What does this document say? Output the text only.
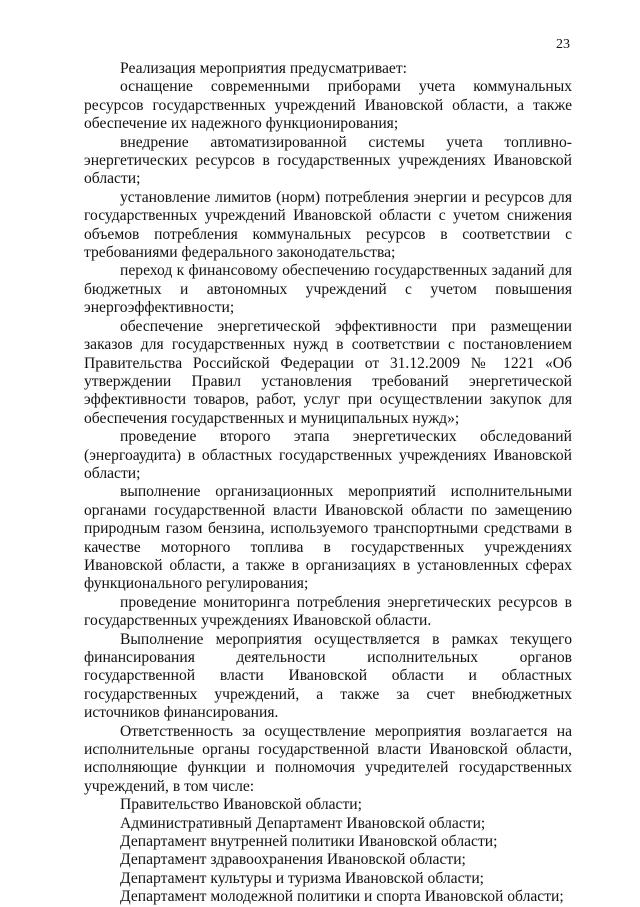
23

Реализация мероприятия предусматривает:

оснащение современными приборами учета коммунальных ресурсов государственных учреждений Ивановской области, а также обеспечение их надежного функционирования;

внедрение автоматизированной системы учета топливно-энергетических ресурсов в государственных учреждениях Ивановской области;

установление лимитов (норм) потребления энергии и ресурсов для государственных учреждений Ивановской области с учетом снижения объемов потребления коммунальных ресурсов в соответствии с требованиями федерального законодательства;

переход к финансовому обеспечению государственных заданий для бюджетных и автономных учреждений с учетом повышения энергоэффективности;

обеспечение энергетической эффективности при размещении заказов для государственных нужд в соответствии с постановлением Правительства Российской Федерации от 31.12.2009 № 1221 «Об утверждении Правил установления требований энергетической эффективности товаров, работ, услуг при осуществлении закупок для обеспечения государственных и муниципальных нужд»;

проведение второго этапа энергетических обследований (энергоаудита) в областных государственных учреждениях Ивановской области;

выполнение организационных мероприятий исполнительными органами государственной власти Ивановской области по замещению природным газом бензина, используемого транспортными средствами в качестве моторного топлива в государственных учреждениях Ивановской области, а также в организациях в установленных сферах функционального регулирования;

проведение мониторинга потребления энергетических ресурсов в государственных учреждениях Ивановской области.

Выполнение мероприятия осуществляется в рамках текущего финансирования деятельности исполнительных органов государственной власти Ивановской области и областных государственных учреждений, а также за счет внебюджетных источников финансирования.

Ответственность за осуществление мероприятия возлагается на исполнительные органы государственной власти Ивановской области, исполняющие функции и полномочия учредителей государственных учреждений, в том числе:

Правительство Ивановской области;

Административный Департамент Ивановской области;

Департамент внутренней политики Ивановской области;

Департамент здравоохранения Ивановской области;

Департамент культуры и туризма Ивановской области;

Департамент молодежной политики и спорта Ивановской области;
